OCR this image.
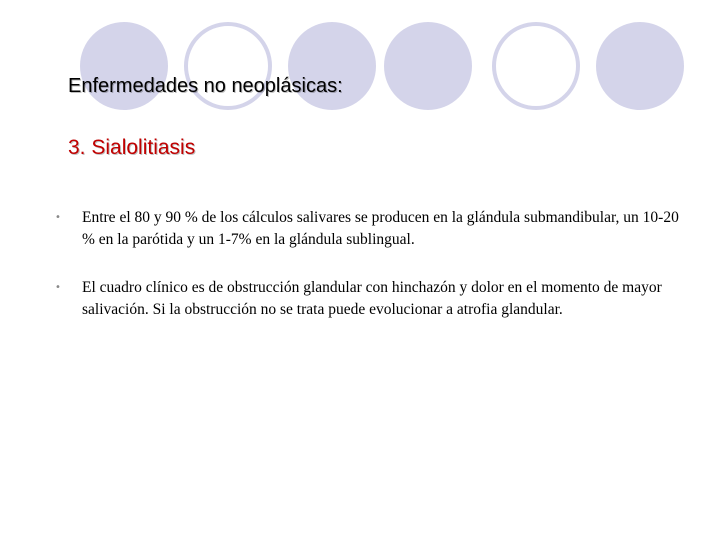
Enfermedades no neoplásicas:
3. Sialolitiasis
• Entre el 80 y 90 % de los cálculos salivares se producen en la glándula submandibular, un 10-20 % en la parótida y un 1-7% en la glándula sublingual.
• El cuadro clínico es de obstrucción glandular con hinchazón y dolor en el momento de mayor salivación. Si la obstrucción no se trata puede evolucionar a atrofia glandular.
